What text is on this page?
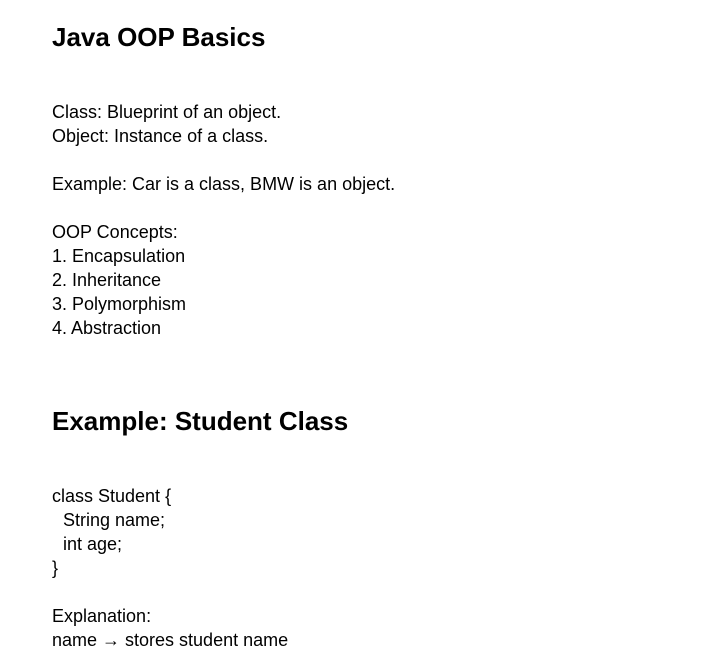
Java OOP Basics
Class: Blueprint of an object.
Object: Instance of a class.
Example: Car is a class, BMW is an object.
OOP Concepts:
1. Encapsulation
2. Inheritance
3. Polymorphism
4. Abstraction
Example: Student Class
class Student {
String name;
int age;
}
Explanation:
name → stores student name
